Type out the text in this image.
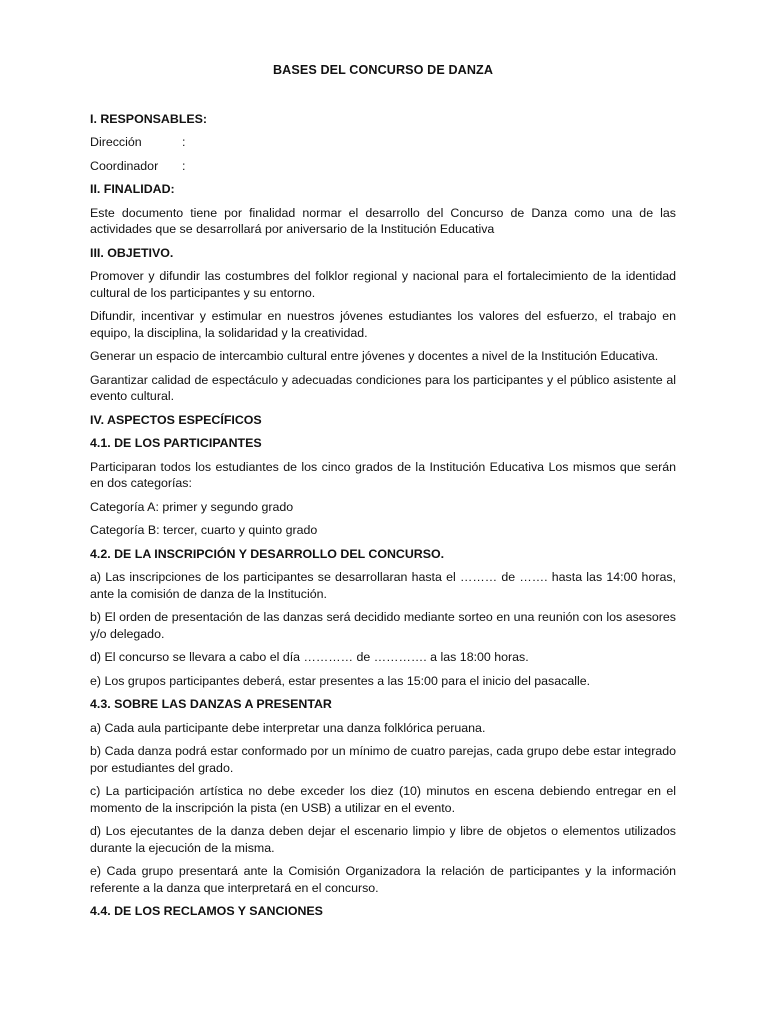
BASES DEL CONCURSO DE DANZA
I. RESPONSABLES:
Dirección	:
Coordinador	:
II. FINALIDAD:
Este documento tiene por finalidad normar el desarrollo del Concurso de Danza como una de las actividades que se desarrollará por aniversario de la Institución Educativa
III. OBJETIVO.
Promover y difundir las costumbres del folklor regional y nacional para el fortalecimiento de la identidad cultural de los participantes y su entorno.
Difundir, incentivar y estimular en nuestros jóvenes estudiantes los valores del esfuerzo, el trabajo en equipo, la disciplina, la solidaridad y la creatividad.
Generar un espacio de intercambio cultural entre jóvenes y docentes a nivel de la Institución Educativa.
Garantizar calidad de espectáculo y adecuadas condiciones para los participantes y el público asistente al evento cultural.
IV. ASPECTOS ESPECÍFICOS
4.1. DE LOS PARTICIPANTES
Participaran todos los estudiantes de los cinco grados de la Institución Educativa Los mismos que serán en dos categorías:
Categoría A: primer y segundo grado
Categoría B: tercer, cuarto y quinto grado
4.2. DE LA INSCRIPCIÓN Y DESARROLLO DEL CONCURSO.
a) Las inscripciones de los participantes se desarrollaran hasta el ……… de ……. hasta las 14:00 horas, ante la comisión de danza de la Institución.
b) El orden de presentación de las danzas será decidido mediante sorteo en una reunión con los asesores y/o delegado.
d) El concurso se llevara a cabo el día ………… de …………. a las 18:00 horas.
e) Los grupos participantes deberá, estar presentes a las 15:00 para el inicio del pasacalle.
4.3. SOBRE LAS DANZAS A PRESENTAR
a) Cada aula participante debe interpretar una danza folklórica peruana.
b) Cada danza podrá estar conformado por un mínimo de cuatro parejas, cada grupo debe estar integrado por estudiantes del grado.
c) La participación artística no debe exceder los diez (10) minutos en escena debiendo entregar en el momento de la inscripción la pista (en USB) a utilizar en el evento.
d) Los ejecutantes de la danza deben dejar el escenario limpio y libre de objetos o elementos utilizados durante la ejecución de la misma.
e) Cada grupo presentará ante la Comisión Organizadora la relación de participantes y la información referente a la danza que interpretará en el concurso.
4.4. DE LOS RECLAMOS Y SANCIONES
